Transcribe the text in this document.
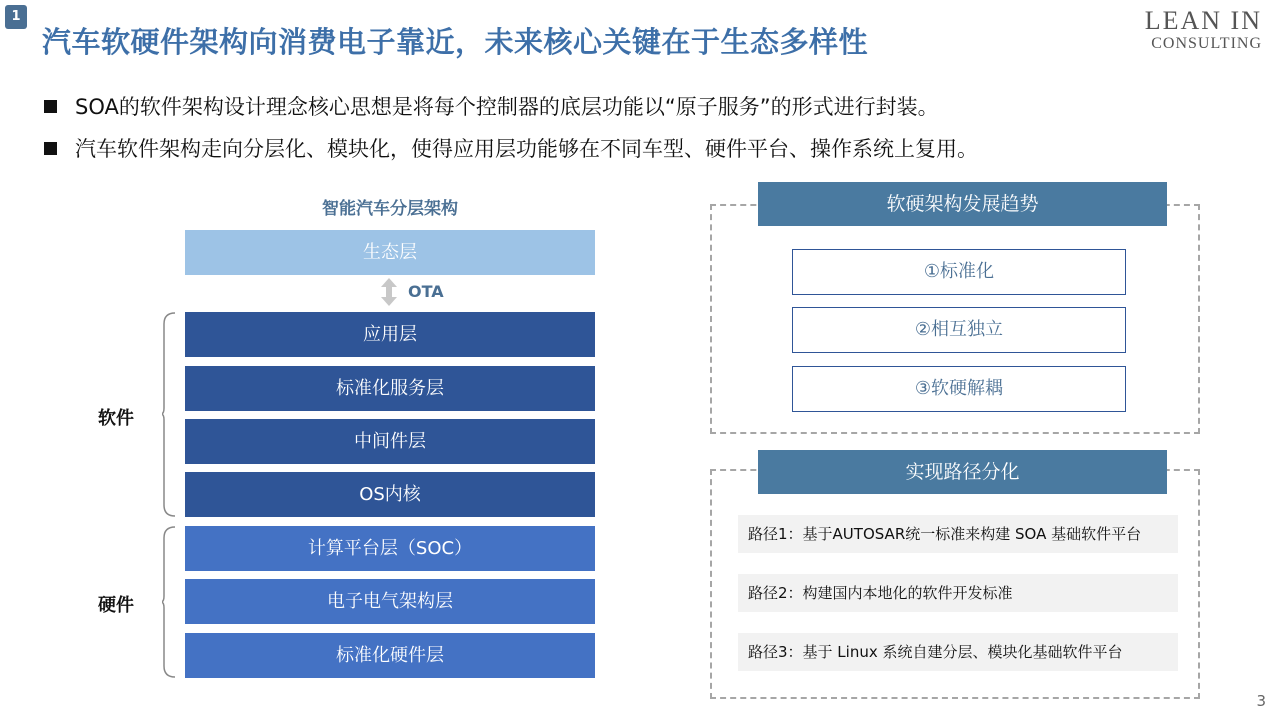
1
汽车软硬件架构向消费电子靠近，未来核心关键在于生态多样性
LEAN IN
CONSULTING
SOA的软件架构设计理念核心思想是将每个控制器的底层功能以“原子服务”的形式进行封装。
汽车软件架构走向分层化、模块化，使得应用层功能够在不同车型、硬件平台、操作系统上复用。
智能汽车分层架构
生态层
OTA
应用层
标准化服务层
中间件层
OS内核
计算平台层（SOC）
电子电气架构层
标准化硬件层
软件
硬件
软硬架构发展趋势
①标准化
②相互独立
③软硬解耦
实现路径分化
路径1：基于AUTOSAR统一标准来构建 SOA 基础软件平台
路径2：构建国内本地化的软件开发标准
路径3：基于 Linux 系统自建分层、模块化基础软件平台
3
